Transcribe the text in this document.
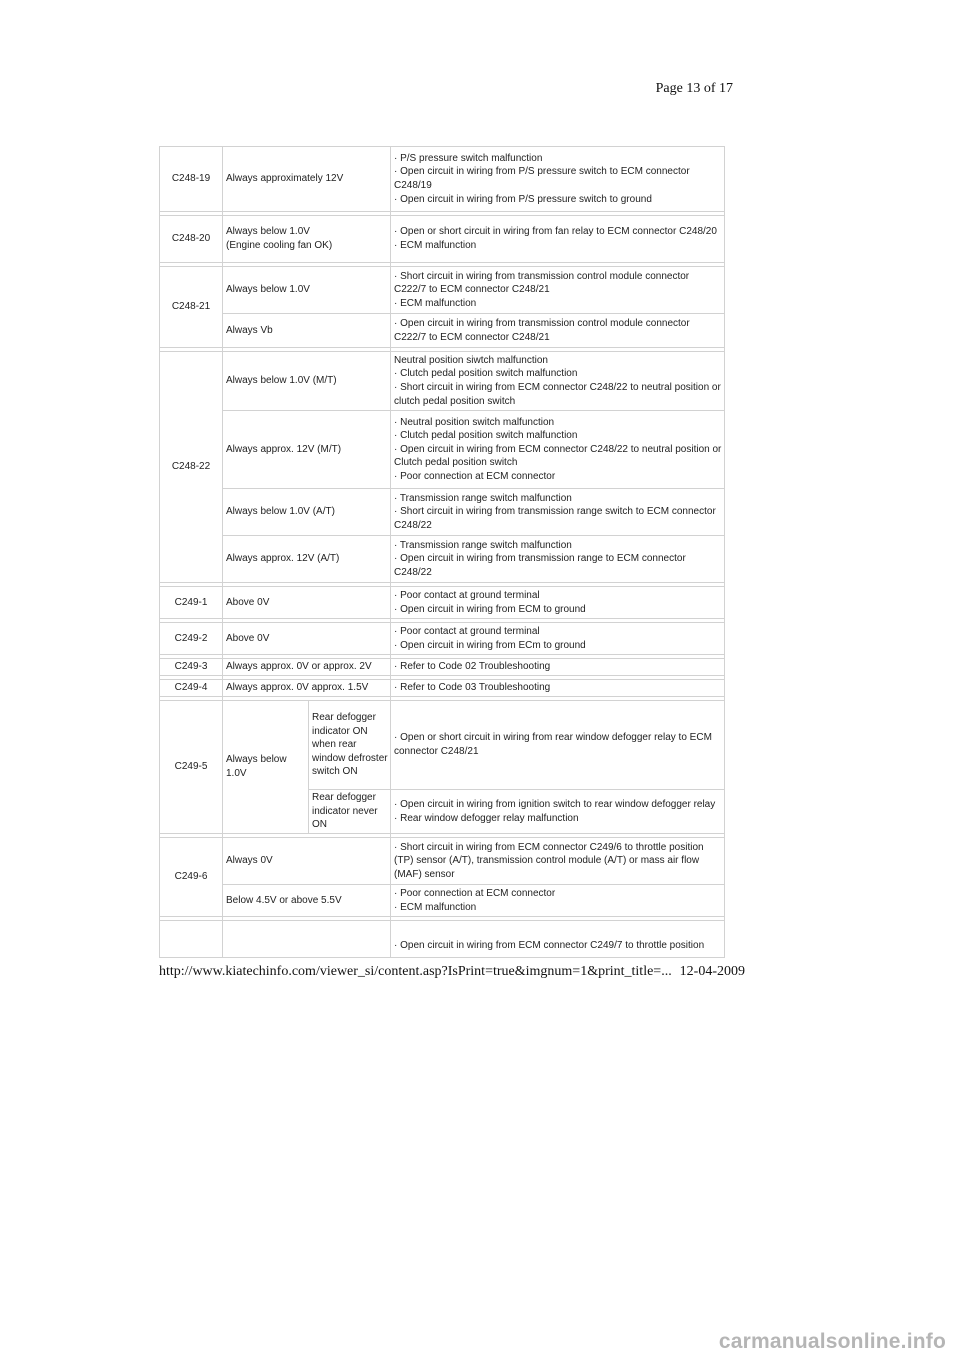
Page 13 of 17
C248-19	Always approximately 12V		· P/S pressure switch malfunction
· Open circuit in wiring from P/S pressure switch to ECM connector C248/19
· Open circuit in wiring from P/S pressure switch to ground

C248-20	Always below 1.0V
(Engine cooling fan OK)		· Open or short circuit in wiring from fan relay to ECM connector C248/20
· ECM malfunction

C248-21	Always below 1.0V		· Short circuit in wiring from transmission control module connector C222/7 to ECM connector C248/21
· ECM malfunction

	Always Vb		· Open circuit in wiring from transmission control module connector C222/7 to ECM connector C248/21

C248-22	Always below 1.0V (M/T)		Neutral position siwtch malfunction
· Clutch pedal position switch malfunction
· Short circuit in wiring from ECM connector C248/22 to neutral position or clutch pedal position switch

	Always approx. 12V (M/T)		· Neutral position switch malfunction
· Clutch pedal position switch malfunction
· Open circuit in wiring from ECM connector C248/22 to neutral position or Clutch pedal position switch
· Poor connection at ECM connector

	Always below 1.0V (A/T)		· Transmission range switch malfunction
· Short circuit in wiring from transmission range switch to ECM connector C248/22

	Always approx. 12V (A/T)		· Transmission range switch malfunction
· Open circuit in wiring from transmission range to ECM connector C248/22

C249-1	Above 0V		· Poor contact at ground terminal
· Open circuit in wiring from ECM to ground

C249-2	Above 0V		· Poor contact at ground terminal
· Open circuit in wiring from ECm to ground

C249-3	Always approx. 0V or approx. 2V		· Refer to Code 02 Troubleshooting

C249-4	Always approx. 0V approx. 1.5V		· Refer to Code 03 Troubleshooting

C249-5	Always below 1.0V	Rear defogger indicator ON when rear window defroster switch ON	· Open or short circuit in wiring from rear window defogger relay to ECM connector C248/21

		Rear defogger indicator never ON	· Open circuit in wiring from ignition switch to rear window defogger relay
· Rear window defogger relay malfunction

C249-6	Always 0V		· Short circuit in wiring from ECM connector C249/6 to throttle position (TP) sensor (A/T), transmission control module (A/T) or mass air flow (MAF) sensor

	Below 4.5V or above 5.5V		· Poor connection at ECM connector
· ECM malfunction

			· Open circuit in wiring from ECM connector C249/7 to throttle position
http://www.kiatechinfo.com/viewer_si/content.asp?IsPrint=true&imgnum=1&print_title=... 12-04-2009
carmanualsonline.info
